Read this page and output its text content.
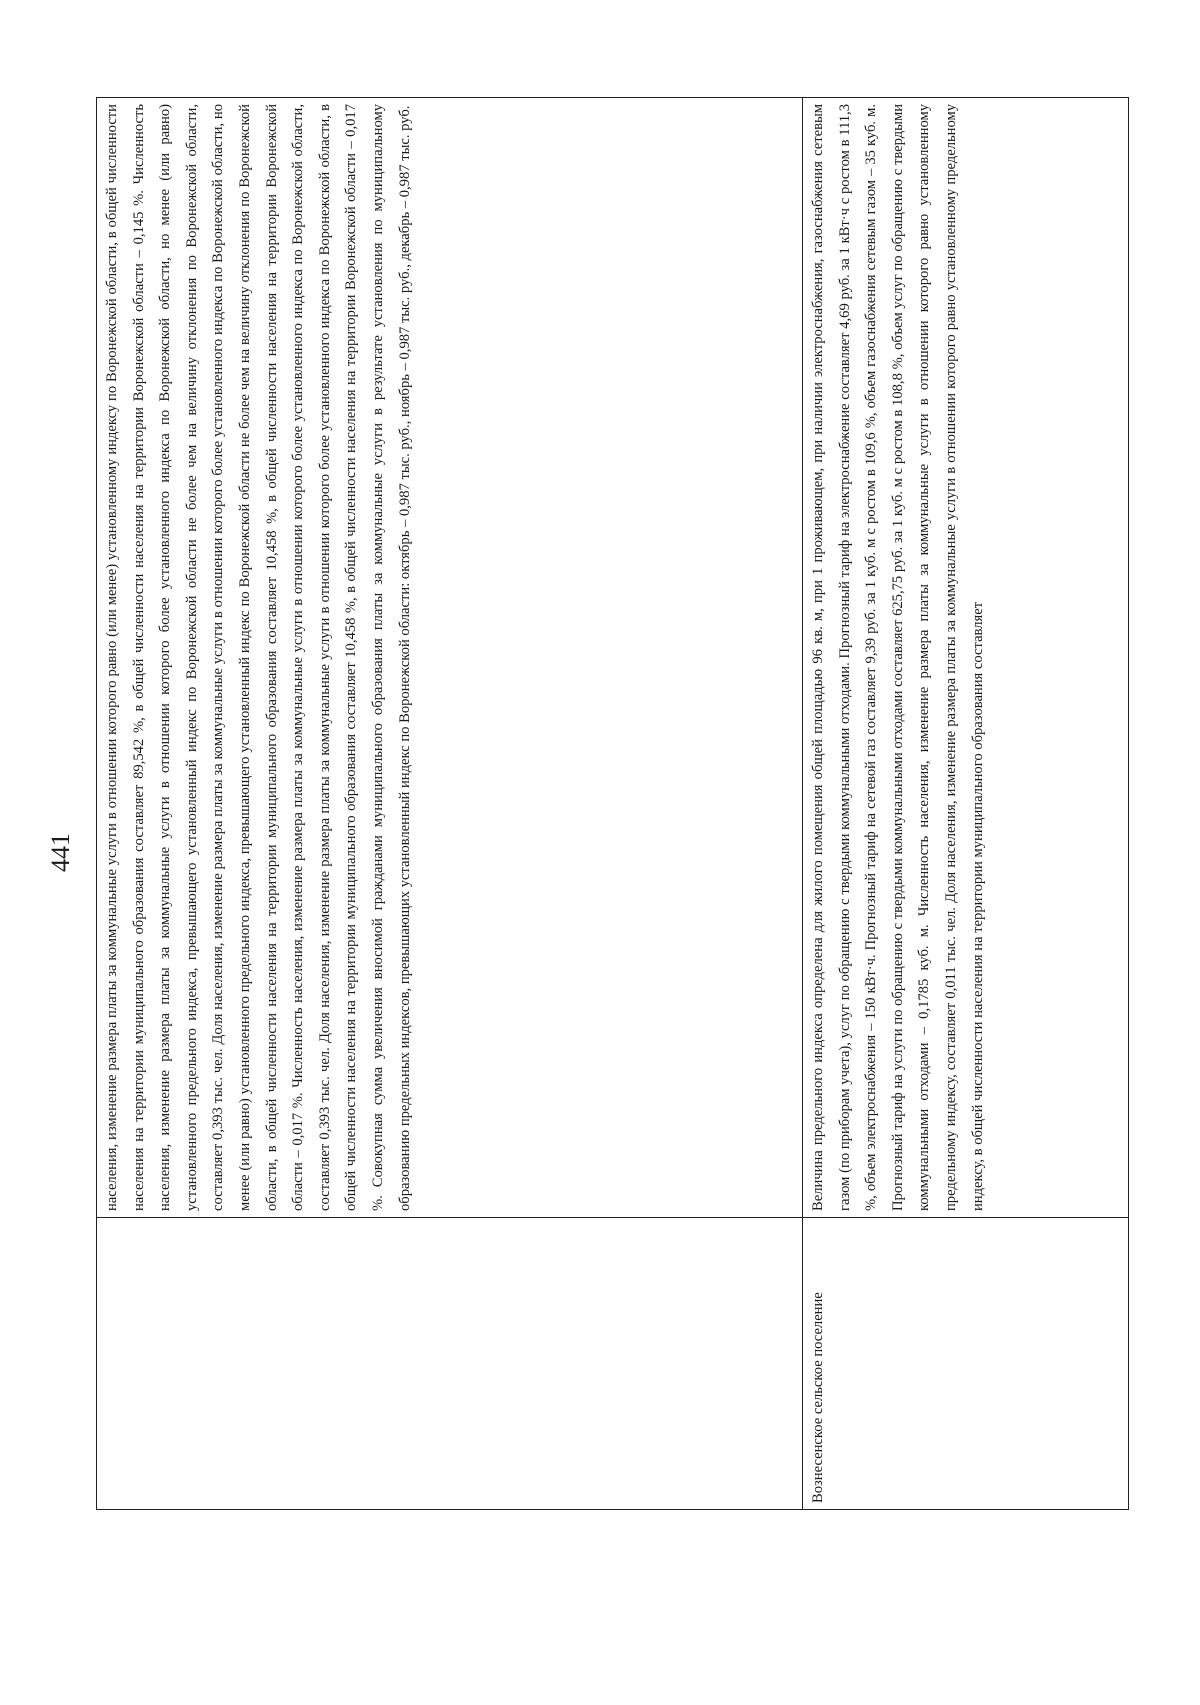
441

	населения, изменение размера платы за коммунальные услуги в отношении которого равно (или менее) установленному индексу по Воронежской области, в общей численности населения на территории муниципального образования составляет 89,542 %, в общей численности населения на территории Воронежской области – 0,145 %. Численность населения, изменение размера платы за коммунальные услуги в отношении которого более установленного индекса по Воронежской области, но менее (или равно) установленного предельного индекса, превышающего установленный индекс по Воронежской области не более чем на величину отклонения по Воронежской области, составляет 0,393 тыс. чел. Доля населения, изменение размера платы за коммунальные услуги в отношении которого более установленного индекса по Воронежской области, но менее (или равно) установленного предельного индекса, превышающего установленный индекс по Воронежской области не более чем на величину отклонения по Воронежской области, в общей численности населения на территории муниципального образования составляет 10,458 %, в общей численности населения на территории Воронежской области – 0,017 %. Численность населения, изменение размера платы за коммунальные услуги в отношении которого более установленного индекса по Воронежской области, составляет 0,393 тыс. чел. Доля населения, изменение размера платы за коммунальные услуги в отношении которого более установленного индекса по Воронежской области, в общей численности населения на территории муниципального образования составляет 10,458 %, в общей численности населения на территории Воронежской области – 0,017 %. Совокупная сумма увеличения вносимой гражданами муниципального образования платы за коммунальные услуги в результате установления по муниципальному образованию предельных индексов, превышающих установленный индекс по Воронежской области: октябрь – 0,987 тыс. руб., ноябрь – 0,987 тыс. руб., декабрь – 0,987 тыс. руб.

Вознесенское сельское поселение	Величина предельного индекса определена для жилого помещения общей площадью 96 кв. м, при 1 проживающем, при наличии электроснабжения, газоснабжения сетевым газом (по приборам учета), услуг по обращению с твердыми коммунальными отходами. Прогнозный тариф на электроснабжение составляет 4,69 руб. за 1 кВт·ч с ростом в 111,3 %, объем электроснабжения – 150 кВт·ч. Прогнозный тариф на сетевой газ составляет 9,39 руб. за 1 куб. м с ростом в 109,6 %, объем газоснабжения сетевым газом – 35 куб. м. Прогнозный тариф на услуги по обращению с твердыми коммунальными отходами составляет 625,75 руб. за 1 куб. м с ростом в 108,8 %, объем услуг по обращению с твердыми коммунальными отходами – 0,1785 куб. м. Численность населения, изменение размера платы за коммунальные услуги в отношении которого равно установленному предельному индексу, составляет 0,011 тыс. чел. Доля населения, изменение размера платы за коммунальные услуги в отношении которого равно установленному предельному индексу, в общей численности населения на территории муниципального образования составляет
